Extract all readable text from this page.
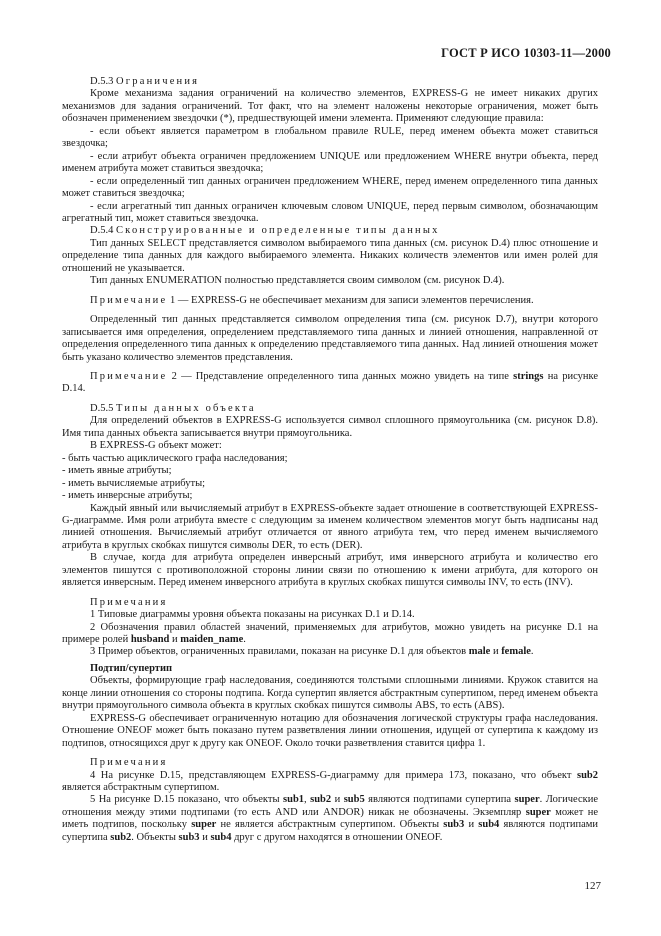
ГОСТ Р ИСО 10303-11—2000

D.5.3 Ограничения

Кроме механизма задания ограничений на количество элементов, EXPRESS-G не имеет никаких других механизмов для задания ограничений. Тот факт, что на элемент наложены некоторые ограничения, может быть обозначен применением звездочки (*), предшествующей имени элемента. Применяют следующие правила:

- если объект является параметром в глобальном правиле RULE, перед именем объекта может ставиться звездочка;

- если атрибут объекта ограничен предложением UNIQUE или предложением WHERE внутри объекта, перед именем атрибута может ставиться звездочка;

- если определенный тип данных ограничен предложением WHERE, перед именем определенного типа данных может ставиться звездочка;

- если агрегатный тип данных ограничен ключевым словом UNIQUE, перед первым символом, обозначающим агрегатный тип, может ставиться звездочка.

D.5.4 Сконструированные и определенные типы данных

Тип данных SELECT представляется символом выбираемого типа данных (см. рисунок D.4) плюс отношение и определение типа данных для каждого выбираемого элемента. Никаких количеств элементов или имен ролей для отношений не указывается.

Тип данных ENUMERATION полностью представляется своим символом (см. рисунок D.4).

Примечание 1 — EXPRESS-G не обеспечивает механизм для записи элементов перечисления.

Определенный тип данных представляется символом определения типа (см. рисунок D.7), внутри которого записывается имя определения, определением представляемого типа данных и линией отношения, направленной от определения определенного типа данных к определению представляемого типа данных. Над линией отношения может быть указано количество элементов представления.

Примечание 2 — Представление определенного типа данных можно увидеть на типе strings на рисунке D.14.

D.5.5 Типы данных объекта

Для определений объектов в EXPRESS-G используется символ сплошного прямоугольника (см. рисунок D.8). Имя типа данных объекта записывается внутри прямоугольника.

В EXPRESS-G объект может:

- быть частью ациклического графа наследования;

- иметь явные атрибуты;

- иметь вычисляемые атрибуты;

- иметь инверсные атрибуты;

Каждый явный или вычисляемый атрибут в EXPRESS-объекте задает отношение в соответствующей EXPRESS-G-диаграмме. Имя роли атрибута вместе с следующим за именем количеством элементов могут быть надписаны над линией отношения. Вычисляемый атрибут отличается от явного атрибута тем, что перед именем вычисляемого атрибута в круглых скобках пишутся символы DER, то есть (DER).

В случае, когда для атрибута определен инверсный атрибут, имя инверсного атрибута и количество его элементов пишутся с противоположной стороны линии связи по отношению к имени атрибута, для которого он является инверсным. Перед именем инверсного атрибута в круглых скобках пишутся символы INV, то есть (INV).

Примечания

1 Типовые диаграммы уровня объекта показаны на рисунках D.1 и D.14.

2 Обозначения правил областей значений, применяемых для атрибутов, можно увидеть на рисунке D.1 на примере ролей husband и maiden_name.

3 Пример объектов, ограниченных правилами, показан на рисунке D.1 для объектов male и female.

Подтип/супертип

Объекты, формирующие граф наследования, соединяются толстыми сплошными линиями. Кружок ставится на конце линии отношения со стороны подтипа. Когда супертип является абстрактным супертипом, перед именем объекта внутри прямоугольного символа объекта в круглых скобках пишутся символы ABS, то есть (ABS).

EXPRESS-G обеспечивает ограниченную нотацию для обозначения логической структуры графа наследования. Отношение ONEOF может быть показано путем разветвления линии отношения, идущей от супертипа к каждому из подтипов, относящихся друг к другу как ONEOF. Около точки разветвления ставится цифра 1.

Примечания

4 На рисунке D.15, представляющем EXPRESS-G-диаграмму для примера 173, показано, что объект sub2 является абстрактным супертипом.

5 На рисунке D.15 показано, что объекты sub1, sub2 и sub5 являются подтипами супертипа super. Логические отношения между этими подтипами (то есть AND или ANDOR) никак не обозначены. Экземпляр super может не иметь подтипов, поскольку super не является абстрактным супертипом. Объекты sub3 и sub4 являются подтипами супертипа sub2. Объекты sub3 и sub4 друг с другом находятся в отношении ONEOF.

127
